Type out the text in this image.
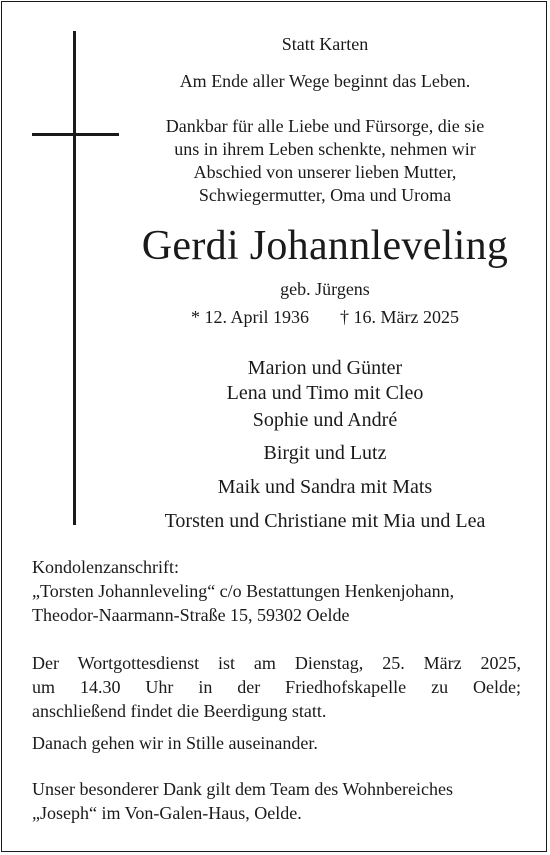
Statt Karten
Am Ende aller Wege beginnt das Leben.
Dankbar für alle Liebe und Fürsorge, die sie
uns in ihrem Leben schenkte, nehmen wir
Abschied von unserer lieben Mutter,
Schwiegermutter, Oma und Uroma
Gerdi Johannleveling
geb. Jürgens
* 12. April 1936 † 16. März 2025
Marion und Günter
Lena und Timo mit Cleo
Sophie und André
Birgit und Lutz
Maik und Sandra mit Mats
Torsten und Christiane mit Mia und Lea
Kondolenzanschrift:
„Torsten Johannleveling“ c/o Bestattungen Henkenjohann,
Theodor-Naarmann-Straße 15, 59302 Oelde
Der Wortgottesdienst ist am Dienstag, 25. März 2025,
um 14.30 Uhr in der Friedhofskapelle zu Oelde;
anschließend findet die Beerdigung statt.
Danach gehen wir in Stille auseinander.
Unser besonderer Dank gilt dem Team des Wohnbereiches
„Joseph“ im Von-Galen-Haus, Oelde.
